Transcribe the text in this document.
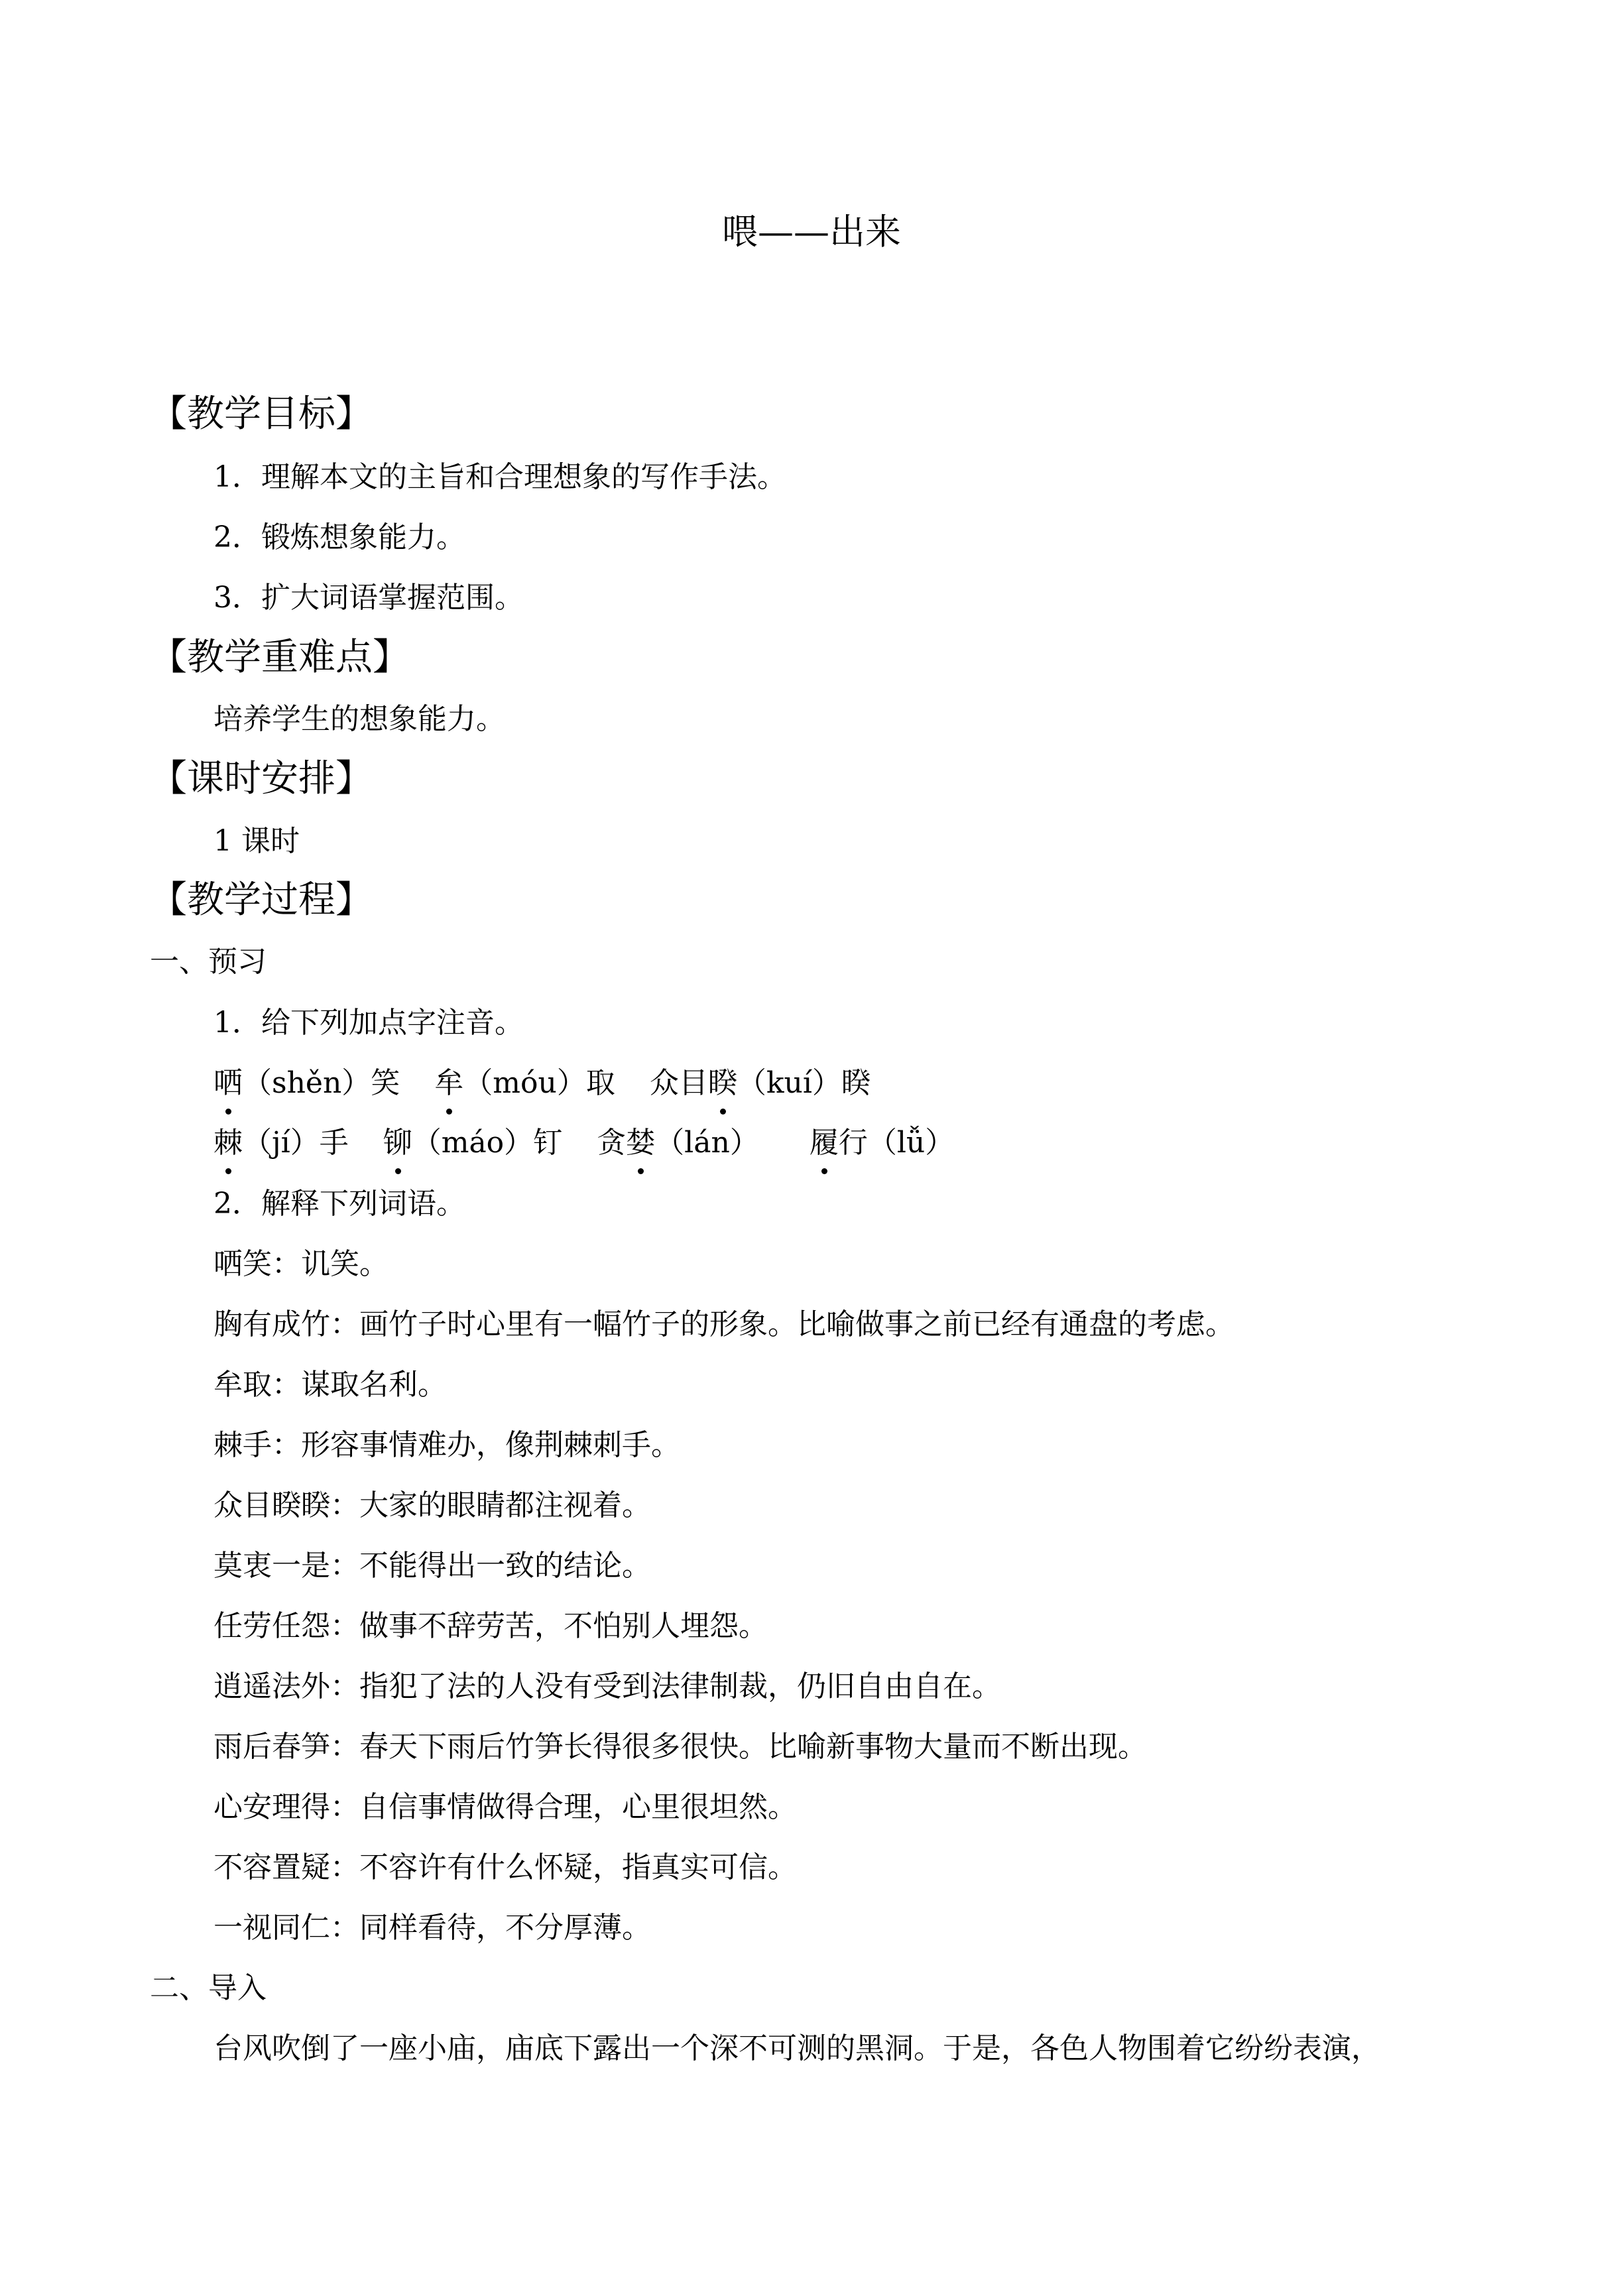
喂——出来
【教学目标】
1．理解本文的主旨和合理想象的写作手法。
2．锻炼想象能力。
3．扩大词语掌握范围。
【教学重难点】
培养学生的想象能力。
【课时安排】
1 课时
【教学过程】
一、预习
1．给下列加点字注音。
哂
（shěn）笑 牟
（móu）取 众目睽
（kuí）睽
棘
（jí）手 铆
（máo）钉 贪婪
（lán） 履
行（lǚ）
2．解释下列词语。
哂笑：讥笑。
胸有成竹：画竹子时心里有一幅竹子的形象。比喻做事之前已经有通盘的考虑。
牟取：谋取名利。
棘手：形容事情难办，像荆棘刺手。
众目睽睽：大家的眼睛都注视着。
莫衷一是：不能得出一致的结论。
任劳任怨：做事不辞劳苦，不怕别人埋怨。
逍遥法外：指犯了法的人没有受到法律制裁，仍旧自由自在。
雨后春笋：春天下雨后竹笋长得很多很快。比喻新事物大量而不断出现。
心安理得：自信事情做得合理，心里很坦然。
不容置疑：不容许有什么怀疑，指真实可信。
一视同仁：同样看待，不分厚薄。
二、导入
台风吹倒了一座小庙，庙底下露出一个深不可测的黑洞。于是，各色人物围着它纷纷表演，
